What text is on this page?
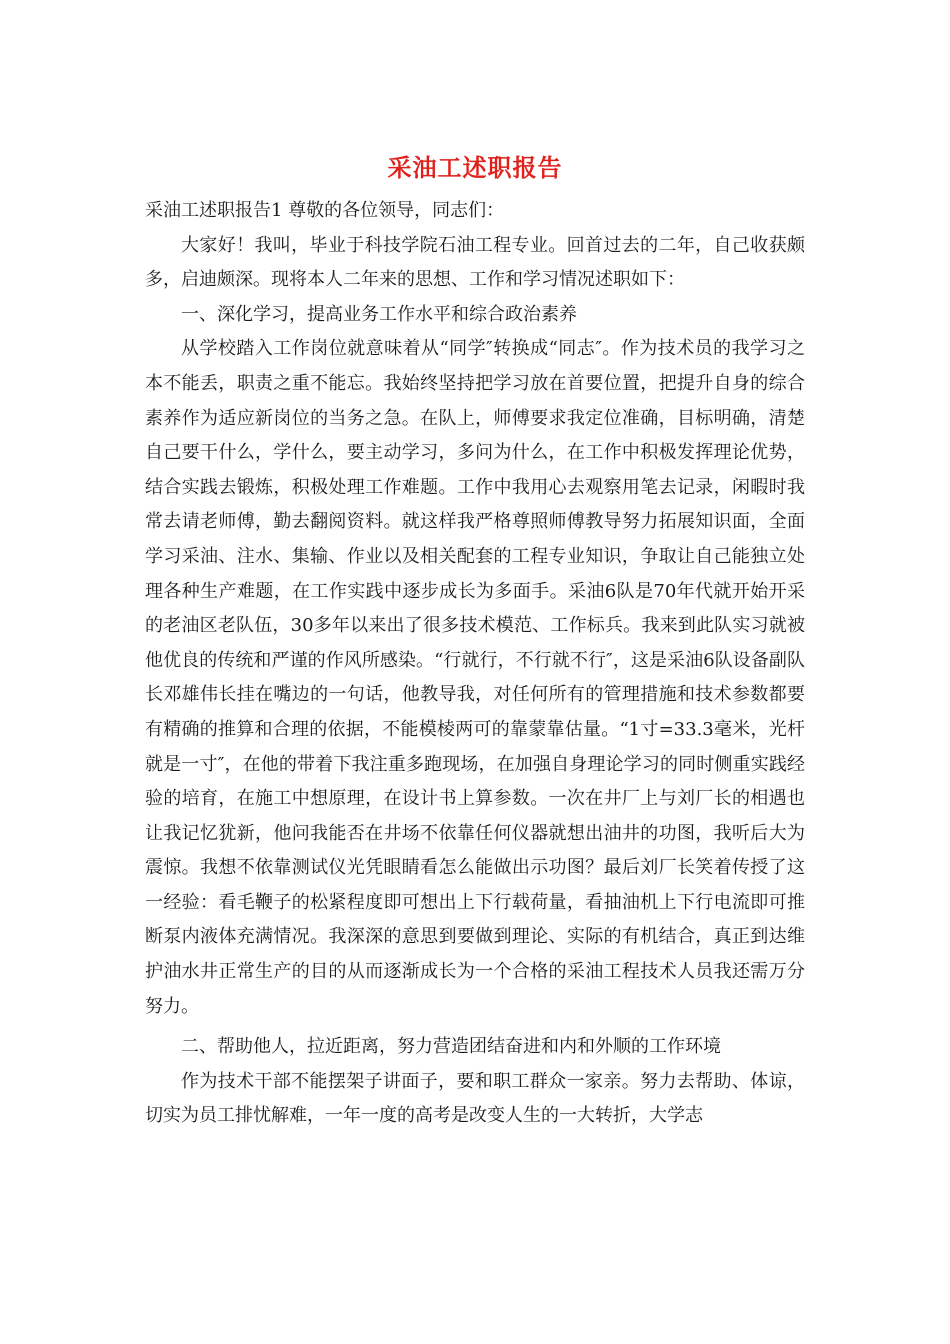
采油工述职报告

采油工述职报告1 尊敬的各位领导，同志们：

大家好！我叫，毕业于科技学院石油工程专业。回首过去的二年，自己收获颇多，启迪颇深。现将本人二年来的思想、工作和学习情况述职如下：

一、深化学习，提高业务工作水平和综合政治素养

从学校踏入工作岗位就意味着从“同学″转换成“同志″。作为技术员的我学习之本不能丢，职责之重不能忘。我始终坚持把学习放在首要位置，把提升自身的综合素养作为适应新岗位的当务之急。在队上，师傅要求我定位准确，目标明确，清楚自己要干什么，学什么，要主动学习，多问为什么，在工作中积极发挥理论优势，结合实践去锻炼，积极处理工作难题。工作中我用心去观察用笔去记录，闲暇时我常去请老师傅，勤去翻阅资料。就这样我严格尊照师傅教导努力拓展知识面，全面学习采油、注水、集输、作业以及相关配套的工程专业知识，争取让自己能独立处理各种生产难题，在工作实践中逐步成长为多面手。采油6队是70年代就开始开采的老油区老队伍，30多年以来出了很多技术模范、工作标兵。我来到此队实习就被他优良的传统和严谨的作风所感染。“行就行，不行就不行″，这是采油6队设备副队长邓雄伟长挂在嘴边的一句话，他教导我，对任何所有的管理措施和技术参数都要有精确的推算和合理的依据，不能模棱两可的靠蒙靠估量。“1寸=33.3毫米，光杆就是一寸″，在他的带着下我注重多跑现场，在加强自身理论学习的同时侧重实践经验的培育，在施工中想原理，在设计书上算参数。一次在井厂上与刘厂长的相遇也让我记忆犹新，他问我能否在井场不依靠任何仪器就想出油井的功图，我听后大为震惊。我想不依靠测试仪光凭眼睛看怎么能做出示功图？最后刘厂长笑着传授了这一经验：看毛鞭子的松紧程度即可想出上下行载荷量，看抽油机上下行电流即可推断泵内液体充满情况。我深深的意思到要做到理论、实际的有机结合，真正到达维护油水井正常生产的目的从而逐渐成长为一个合格的采油工程技术人员我还需万分努力。

二、帮助他人，拉近距离，努力营造团结奋进和内和外顺的工作环境

作为技术干部不能摆架子讲面子，要和职工群众一家亲。努力去帮助、体谅，切实为员工排忧解难，一年一度的高考是改变人生的一大转折，大学志
